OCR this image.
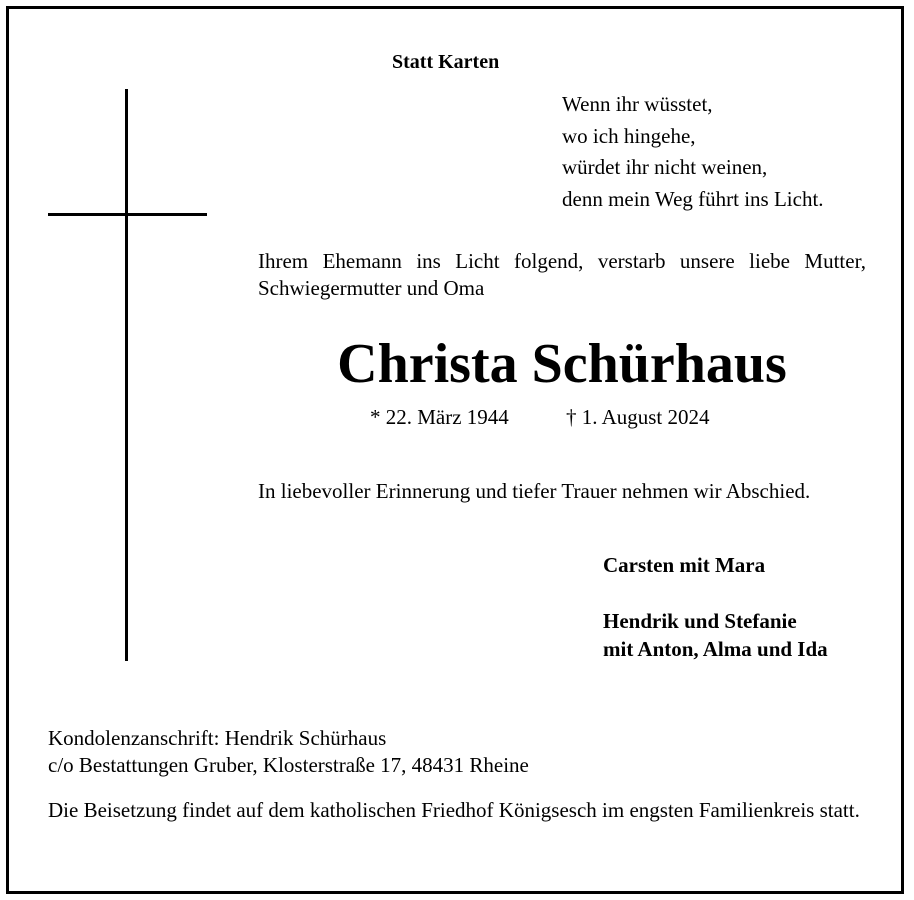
Statt Karten
Wenn ihr wüsstet,
wo ich hingehe,
würdet ihr nicht weinen,
denn mein Weg führt ins Licht.
Ihrem Ehemann ins Licht folgend, verstarb unsere liebe Mutter, Schwiegermutter und Oma
Christa Schürhaus
* 22. März 1944	† 1. August 2024
In liebevoller Erinnerung und tiefer Trauer nehmen wir Abschied.
Carsten mit Mara
Hendrik und Stefanie
mit Anton, Alma und Ida
Kondolenzanschrift: Hendrik Schürhaus
c/o Bestattungen Gruber, Klosterstraße 17, 48431 Rheine
Die Beisetzung findet auf dem katholischen Friedhof Königsesch im engsten Familienkreis statt.
